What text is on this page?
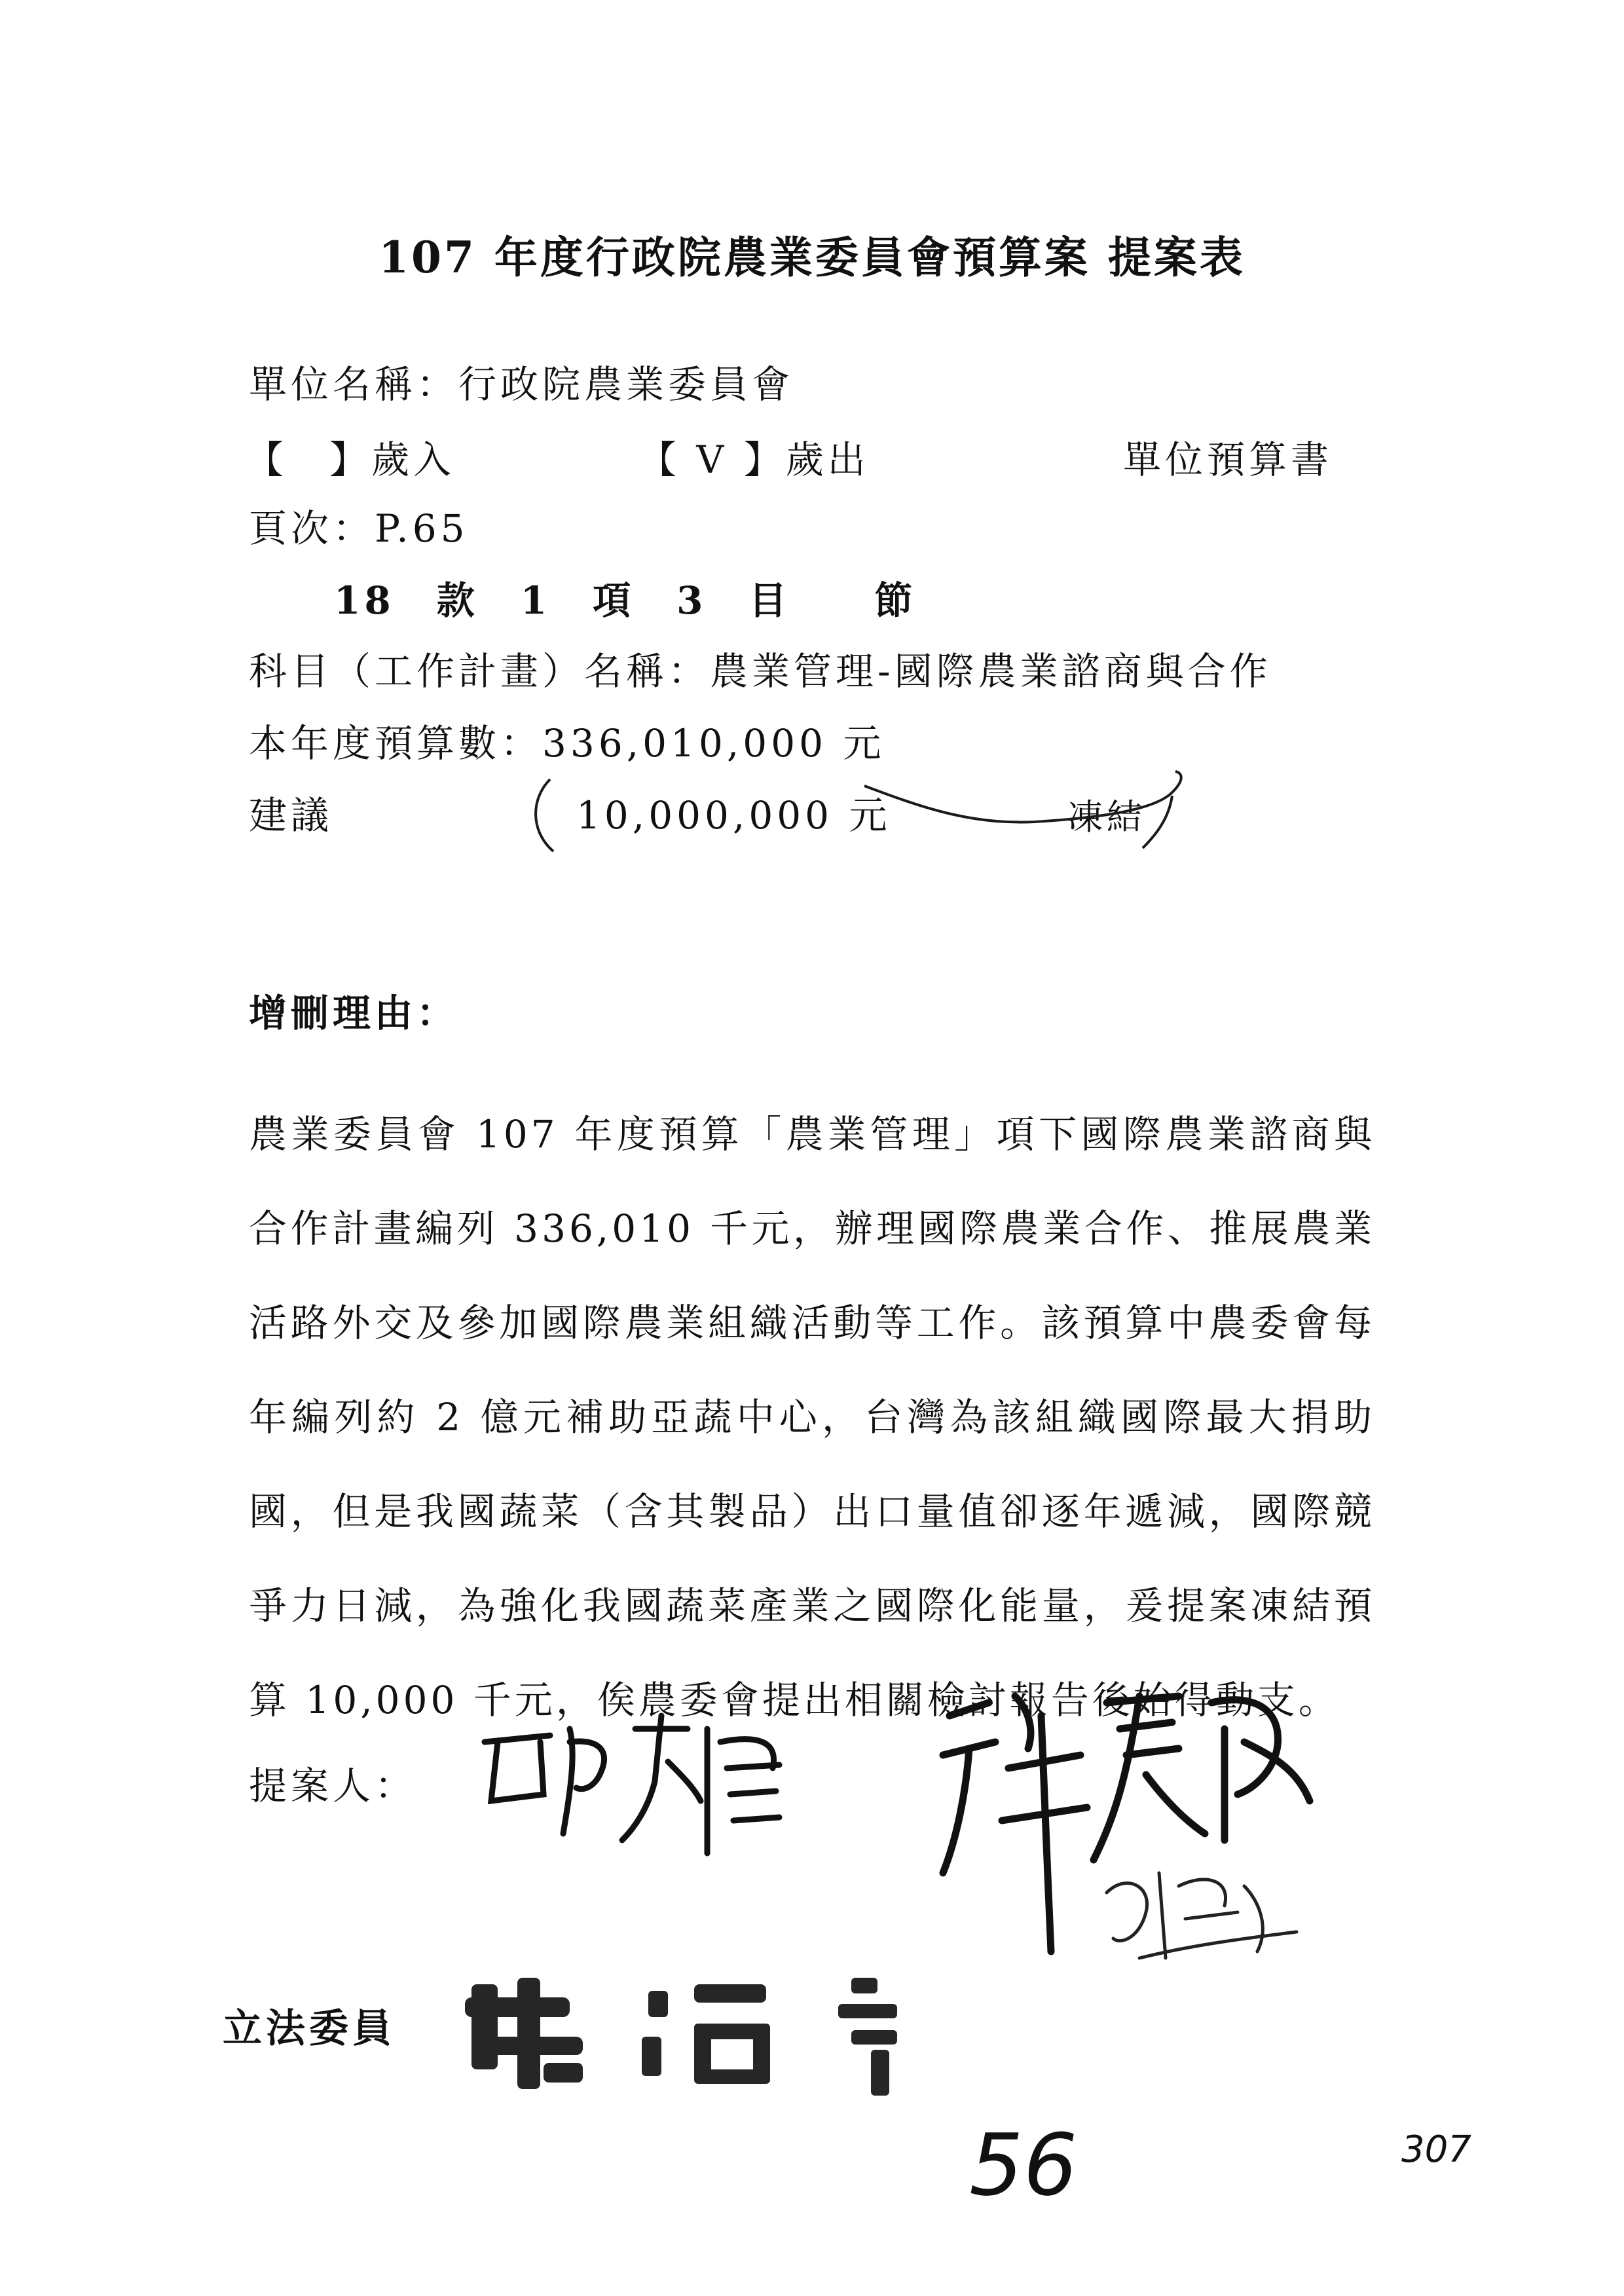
107 年度行政院農業委員會預算案 提案表
單位名稱：行政院農業委員會
【　】歲入	【 V 】歲出	單位預算書
頁次：P.65
18　款　1　項　3　目　　節
科目（工作計畫）名稱：農業管理-國際農業諮商與合作
本年度預算數：336,010,000 元
建議	10,000,000 元	凍結
增刪理由：
農業委員會 107 年度預算「農業管理」項下國際農業諮商與合作計畫編列 336,010 千元，辦理國際農業合作、推展農業活路外交及參加國際農業組織活動等工作。該預算中農委會每年編列約 2 億元補助亞蔬中心，台灣為該組織國際最大捐助國，但是我國蔬菜（含其製品）出口量值卻逐年遞減，國際競爭力日減，為強化我國蔬菜產業之國際化能量，爰提案凍結預算 10,000 千元，俟農委會提出相關檢討報告後始得動支。
提案人：
立法委員
56	307
